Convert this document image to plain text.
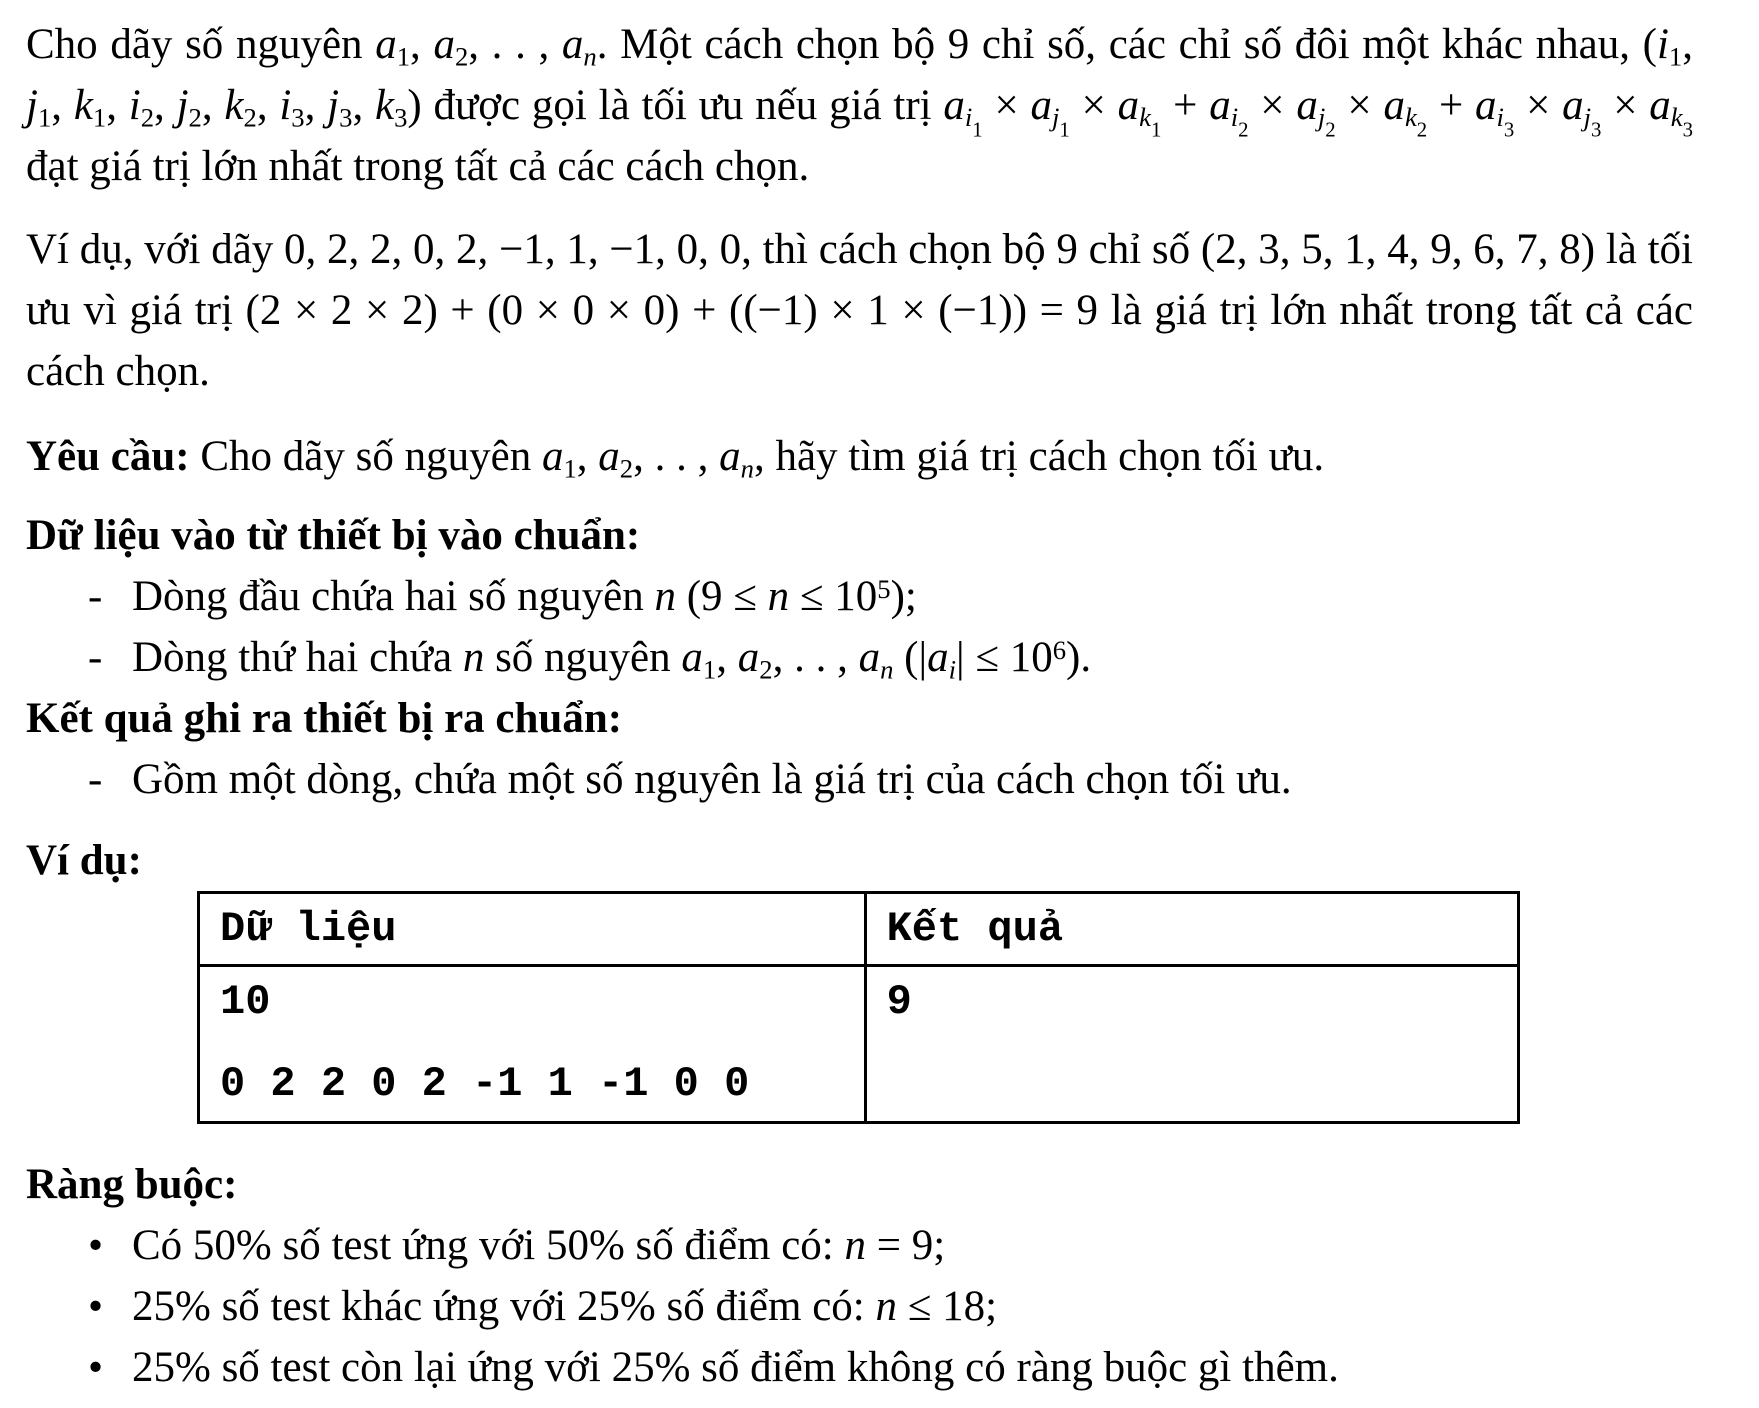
Cho dãy số nguyên a1, a2, . . , an. Một cách chọn bộ 9 chỉ số, các chỉ số đôi một khác nhau, (i1, j1, k1, i2, j2, k2, i3, j3, k3) được gọi là tối ưu nếu giá trị $ai_1 \times aj_1 \times ak_1 + ai_2 \times aj_2 \times ak_2 + ai_3 \times aj_3 \times ak_3$ đạt giá trị lớn nhất trong tất cả các cách chọn.

Ví dụ, với dãy 0, 2, 2, 0, 2, −1, 1, −1, 0, 0, thì cách chọn bộ 9 chỉ số (2, 3, 5, 1, 4, 9, 6, 7, 8) là tối ưu vì giá trị (2 × 2 × 2) + (0 × 0 × 0) + ((−1) × 1 × (−1)) = 9 là giá trị lớn nhất trong tất cả các cách chọn.

Yêu cầu: Cho dãy số nguyên a1, a2, . . , an, hãy tìm giá trị cách chọn tối ưu.

Dữ liệu vào từ thiết bị vào chuẩn:
- Dòng đầu chứa hai số nguyên n $(9 \le n \le 10^5)$;
- Dòng thứ hai chứa n số nguyên a1, a2, . . , an $(|ai| \le 10^6)$.
Kết quả ghi ra thiết bị ra chuẩn:
- Gồm một dòng, chứa một số nguyên là giá trị của cách chọn tối ưu.
Ví dụ:
Dữ liệu	Kết quả

10
0 2 2 0 2 -1 1 -1 0 0	9
Ràng buộc:
• Có 50% số test ứng với 50% số điểm có: n = 9;
• 25% số test khác ứng với 25% số điểm có: n ≤ 18;
• 25% số test còn lại ứng với 25% số điểm không có ràng buộc gì thêm.
